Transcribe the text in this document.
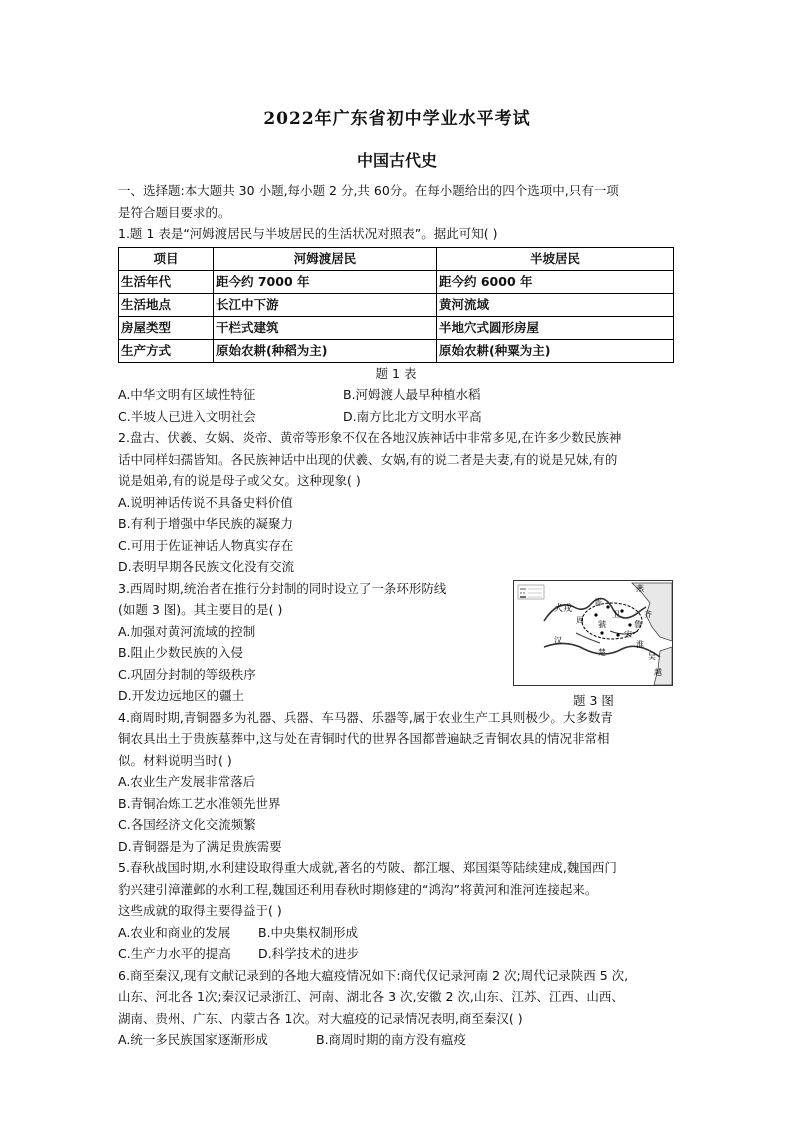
2022年广东省初中学业水平考试
中国古代史

一、选择题:本大题共 30 小题,每小题 2 分,共 60分。在每小题给出的四个选项中,只有一项

是符合题目要求的。

1.题 1 表是“河姆渡居民与半坡居民的生活状况对照表”。据此可知( )

项目	河姆渡居民	半坡居民
生活年代	距今约 7000 年	距今约 6000 年
生活地点	长江中下游	黄河流域
房屋类型	干栏式建筑	半地穴式圆形房屋
生产方式	原始农耕(种稻为主)	原始农耕(种粟为主)

题 1 表

A.中华文明有区域性特征	B.河姆渡人最早种植水稻
C.半坡人已进入文明社会	D.南方比北方文明水平高

2.盘古、伏羲、女娲、炎帝、黄帝等形象不仅在各地汉族神话中非常多见,在许多少数民族神

话中同样妇孺皆知。各民族神话中出现的伏羲、女娲,有的说二者是夫妻,有的说是兄妹,有的

说是姐弟,有的说是母子或父女。这种现象( )

A.说明神话传说不具备史料价值

B.有利于增强中华民族的凝聚力

C.可用于佐证神话人物真实存在

D.表明早期各民族文化没有交流

3.西周时期,统治者在推行分封制的同时设立了一条环形防线

(如题 3 图)。其主要目的是( )

A.加强对黄河流域的控制

B.阻止少数民族的入侵

C.巩固分封制的等级秩序

D.开发边远地区的疆土

燕
齐
鲁
宋
卫
晋
周 虢
楚	吴
越
犬戎
汉	淮
题 3 图

4.商周时期,青铜器多为礼器、兵器、车马器、乐器等,属于农业生产工具则极少。大多数青

铜农具出土于贵族墓葬中,这与处在青铜时代的世界各国都普遍缺乏青铜农具的情况非常相

似。材料说明当时( )

A.农业生产发展非常落后

B.青铜冶炼工艺水准领先世界

C.各国经济文化交流频繁

D.青铜器是为了满足贵族需要

5.春秋战国时期,水利建设取得重大成就,著名的芍陂、都江堰、郑国渠等陆续建成,魏国西门

豹兴建引漳灌邺的水利工程,魏国还利用春秋时期修建的“鸿沟”将黄河和淮河连接起来。

这些成就的取得主要得益于( )

A.农业和商业的发展	B.中央集权制形成
C.生产力水平的提高	D.科学技术的进步

6.商至秦汉,现有文献记录到的各地大瘟疫情况如下:商代仅记录河南 2 次;周代记录陕西 5 次,

山东、河北各 1次;秦汉记录浙江、河南、湖北各 3 次,安徽 2 次,山东、江苏、江西、山西、

湖南、贵州、广东、内蒙古各 1次。对大瘟疫的记录情况表明,商至秦汉( )

A.统一多民族国家逐渐形成	B.商周时期的南方没有瘟疫
